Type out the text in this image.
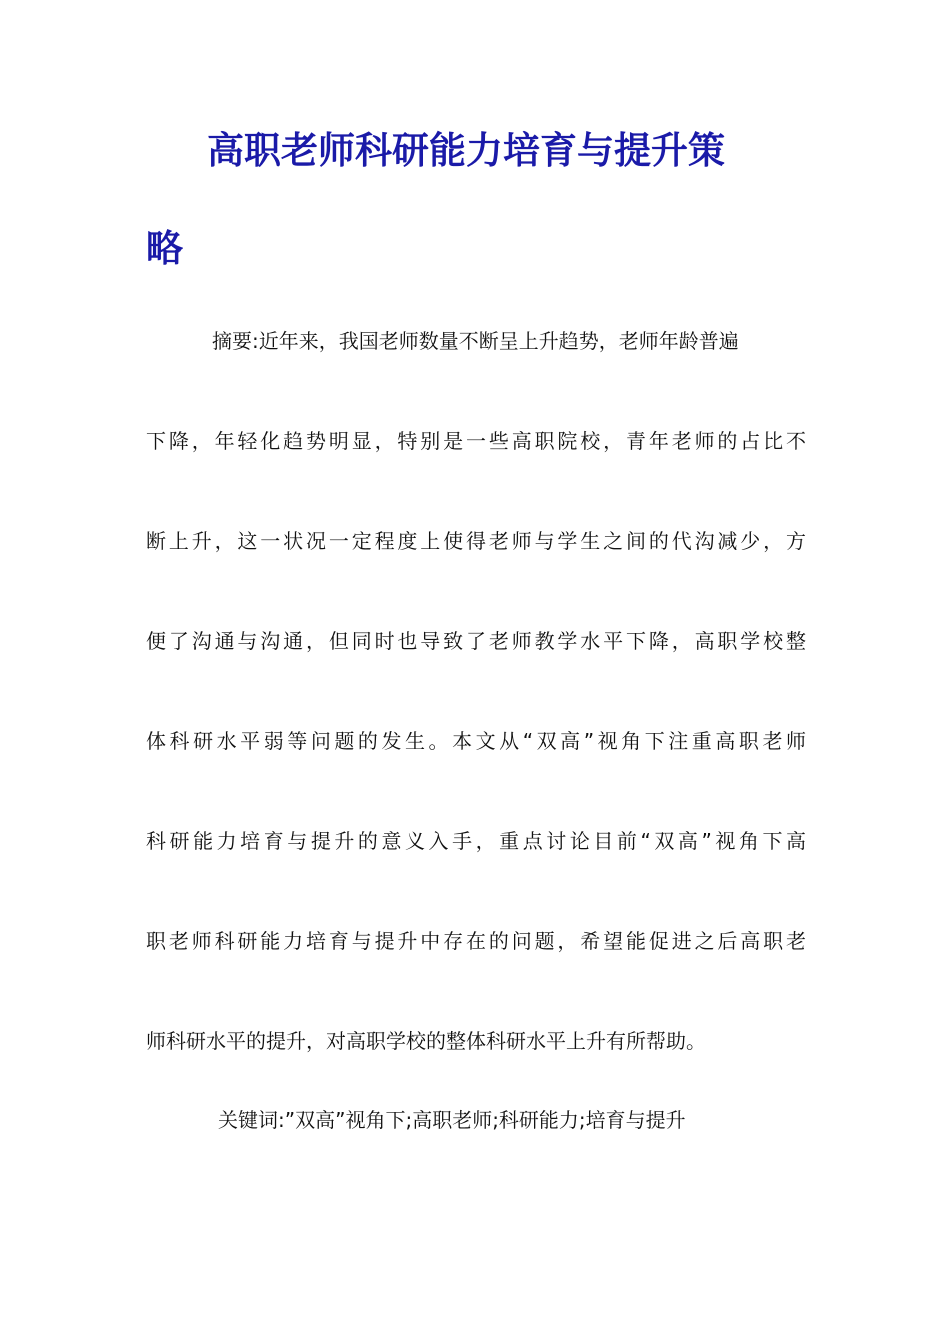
高职老师科研能力培育与提升策
略
摘要:近年来，我国老师数量不断呈上升趋势，老师年龄普遍
下降，年轻化趋势明显，特别是一些高职院校，青年老师的占比不
断上升，这一状况一定程度上使得老师与学生之间的代沟减少，方
便了沟通与沟通，但同时也导致了老师教学水平下降，高职学校整
体科研水平弱等问题的发生。本文从“双高”视角下注重高职老师
科研能力培育与提升的意义入手，重点讨论目前“双高”视角下高
职老师科研能力培育与提升中存在的问题，希望能促进之后高职老
师科研水平的提升，对高职学校的整体科研水平上升有所帮助。
关键词:”双高”视角下;高职老师;科研能力;培育与提升
